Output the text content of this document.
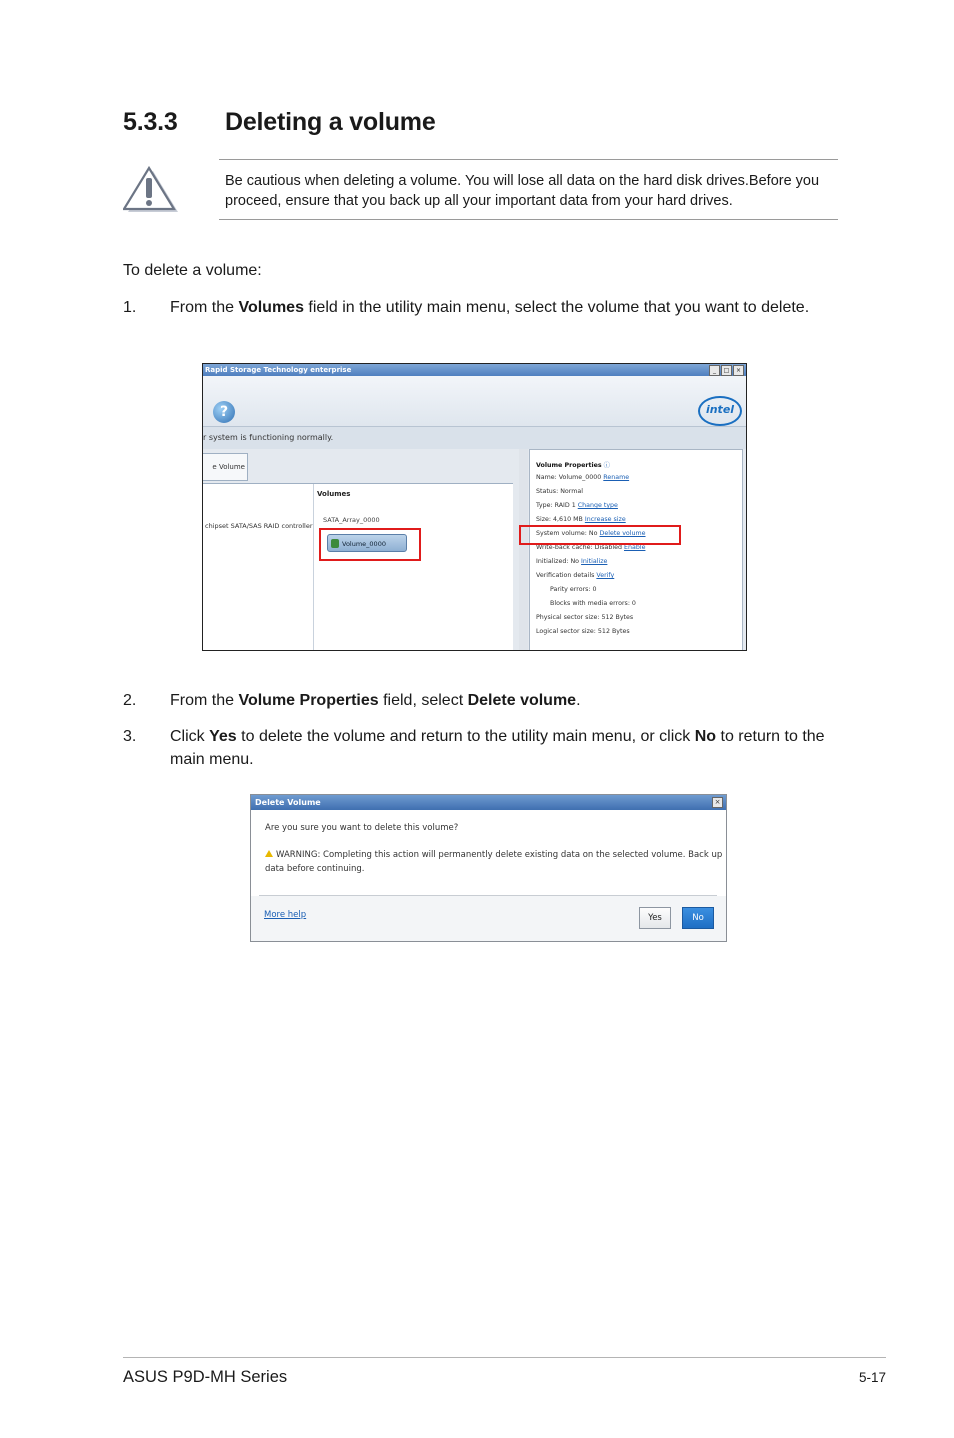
5.3.3 Deleting a volume
Be cautious when deleting a volume. You will lose all data on the hard disk drives.Before you proceed, ensure that you back up all your important data from your hard drives.
To delete a volume:
1. From the Volumes field in the utility main menu, select the volume that you want to delete.
Rapid Storage Technology enterprise	_	□	×
?	intel
r system is functioning normally.
e Volume
chipset SATA/SAS RAID controller
Volumes
SATA_Array_0000
Volume_0000
Volume Properties ⓘ
Name: Volume_0000 Rename
Status: Normal
Type: RAID 1 Change type
Size: 4,610 MB Increase size
System volume: No Delete volume
Write-back cache: Disabled Enable
Initialized: No Initialize
Verification details Verify
Parity errors: 0
Blocks with media errors: 0
Physical sector size: 512 Bytes
Logical sector size: 512 Bytes
2. From the Volume Properties field, select Delete volume.
3. Click Yes to delete the volume and return to the utility main menu, or click No to return to the main menu.
Delete Volume	×
Are you sure you want to delete this volume?
WARNING: Completing this action will permanently delete existing data on the selected volume. Back up data before continuing.
More help	Yes	No
ASUS P9D-MH Series	5-17
